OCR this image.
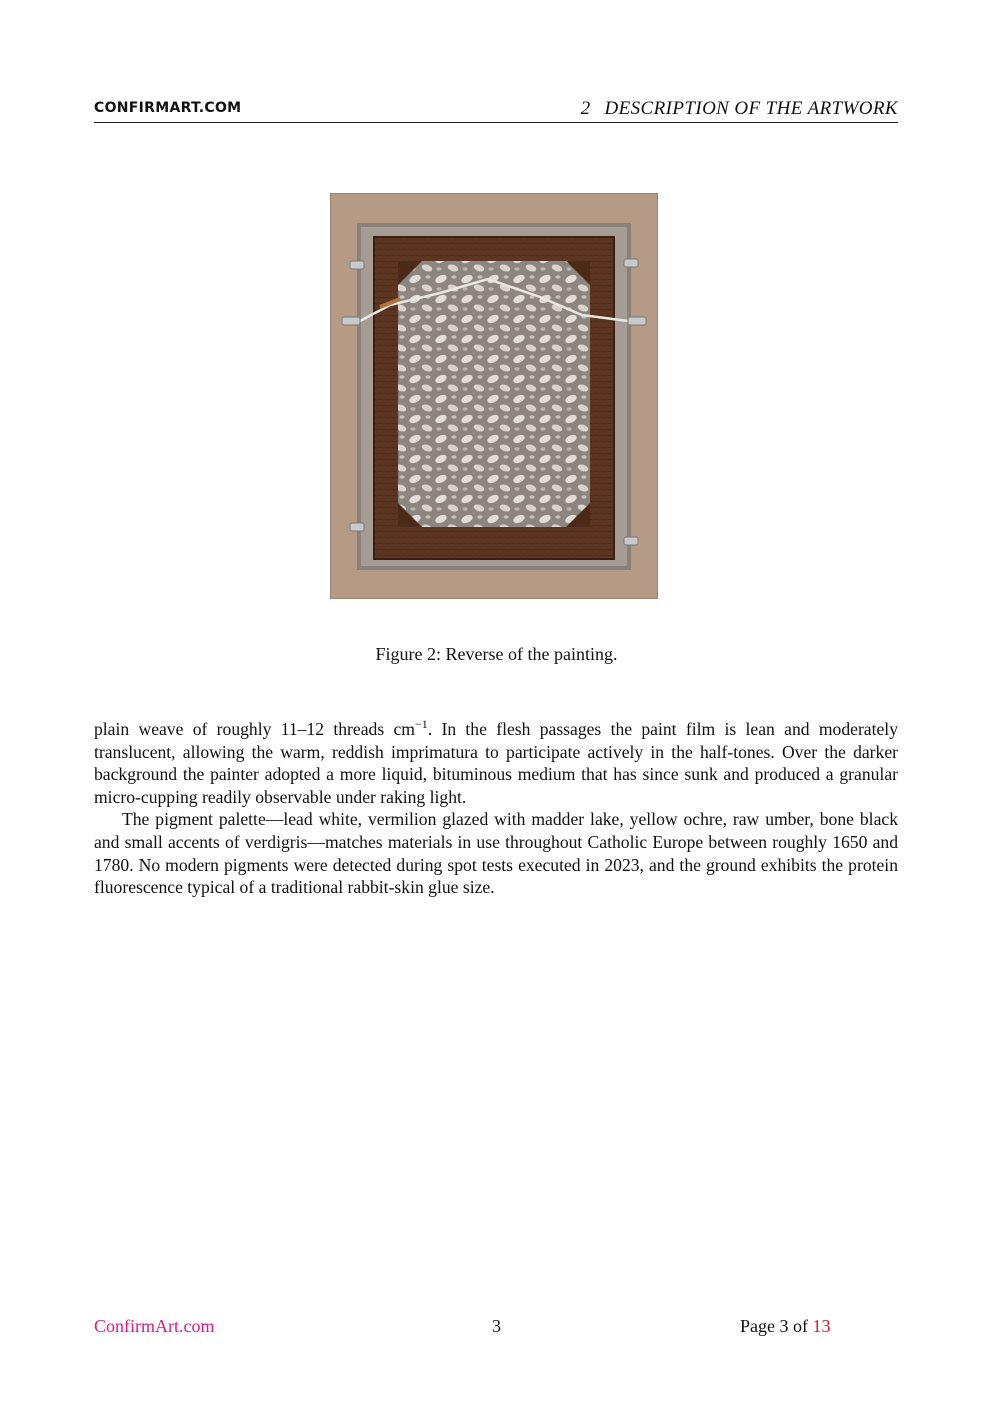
CONFIRMART.COM	2 DESCRIPTION OF THE ARTWORK
Figure 2: Reverse of the painting.

plain weave of roughly 11–12 threads $cm^{-1}$. In the flesh passages the paint film is lean and moderately translucent, allowing the warm, reddish imprimatura to participate actively in the half-tones. Over the darker background the painter adopted a more liquid, bituminous medium that has since sunk and produced a granular micro-cupping readily observable under raking light.

The pigment palette—lead white, vermilion glazed with madder lake, yellow ochre, raw umber, bone black and small accents of verdigris—matches materials in use throughout Catholic Europe between roughly 1650 and 1780. No modern pigments were detected during spot tests executed in 2023, and the ground exhibits the protein fluorescence typical of a traditional rabbit-skin glue size.

ConfirmArt.com	3	Page 3 of 13
